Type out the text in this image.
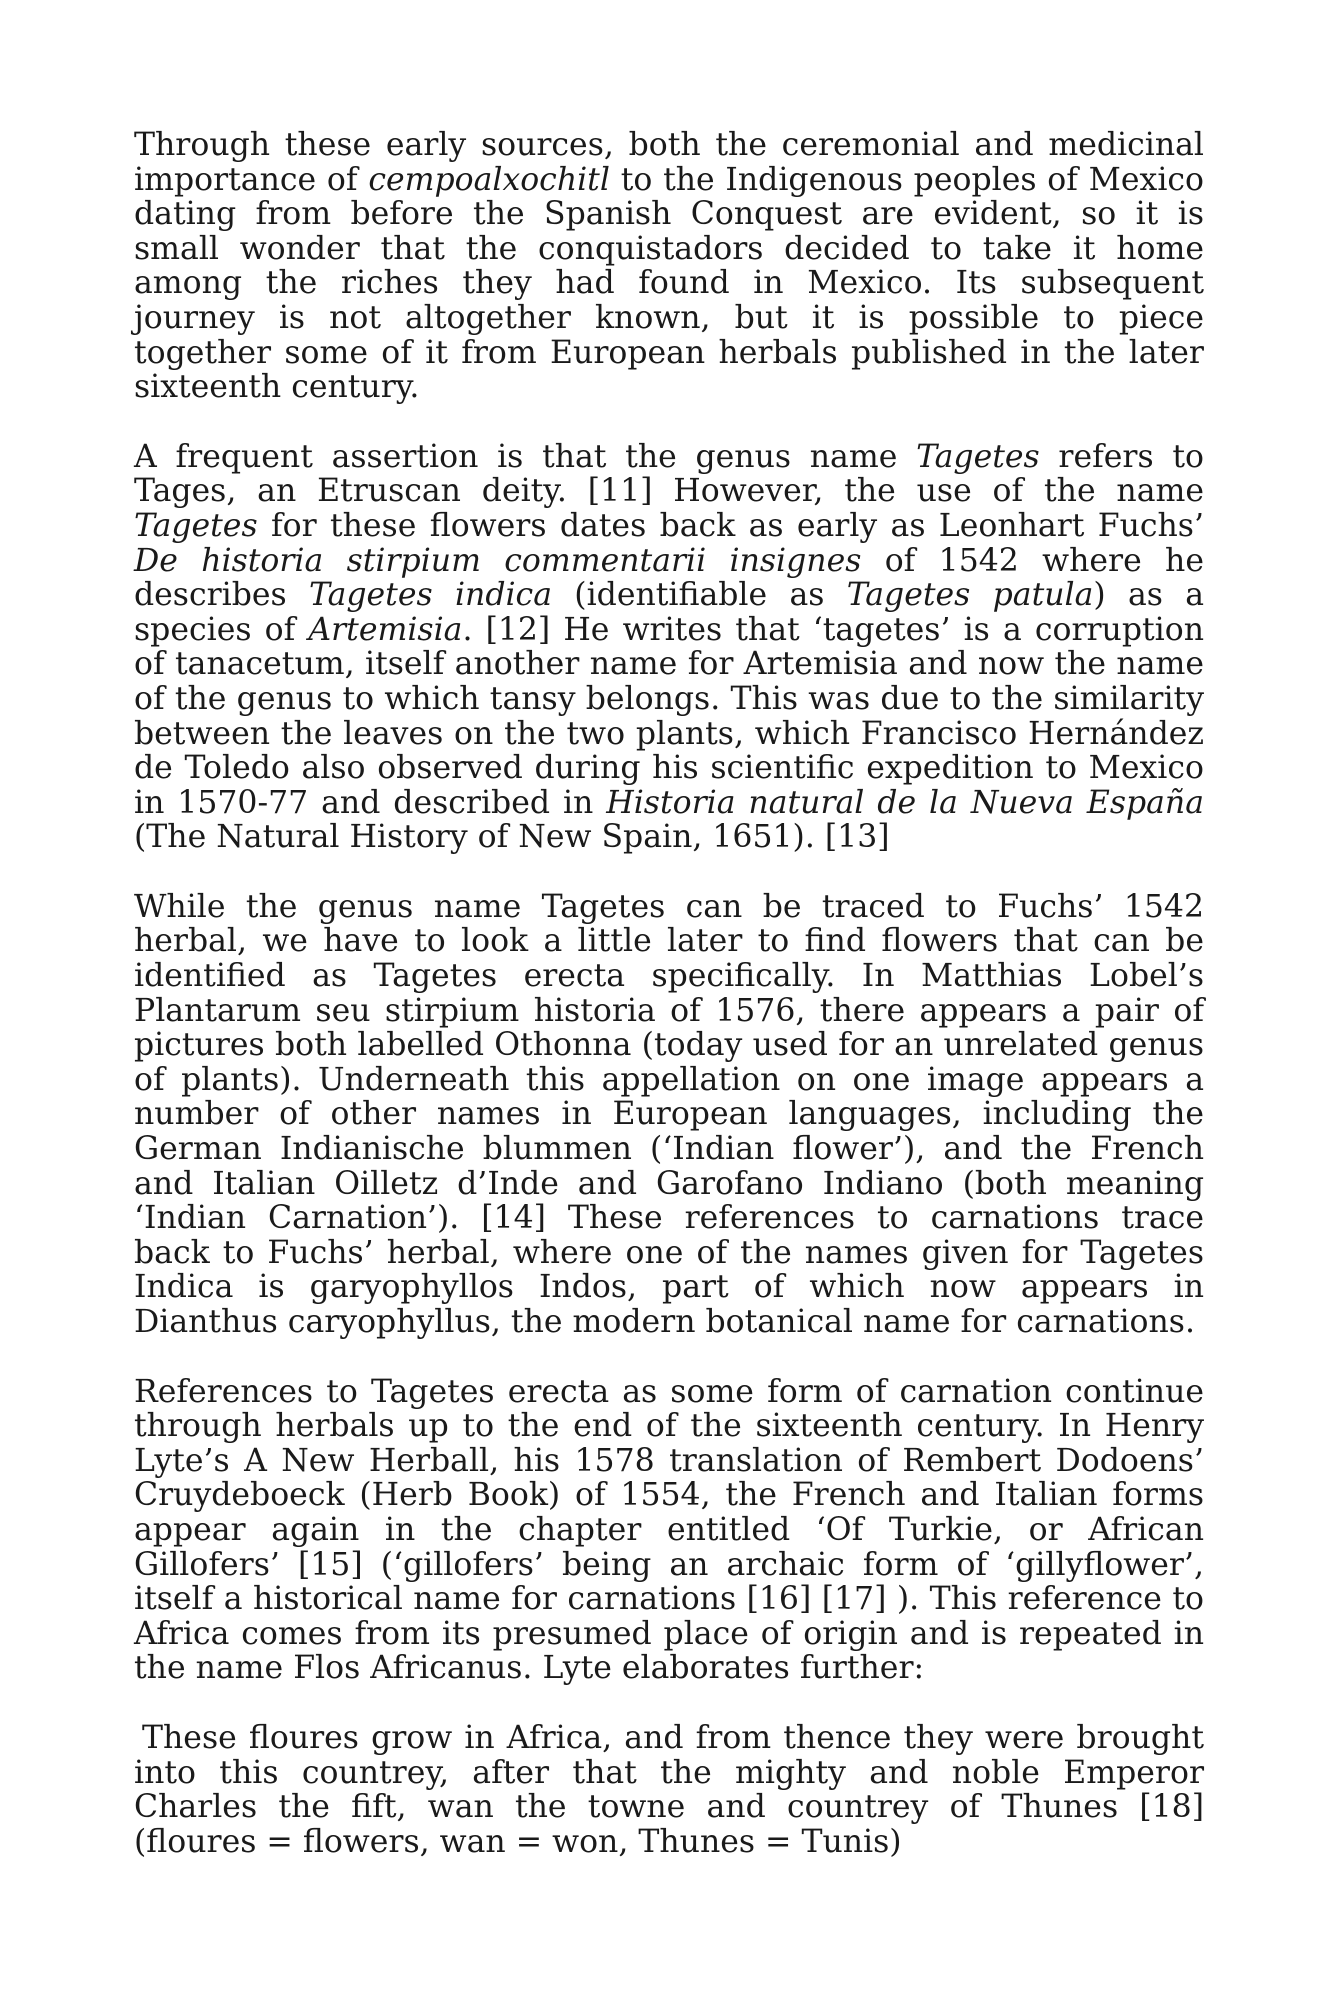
Through these early sources, both the ceremonial and medicinal importance of cempoalxochitl to the Indigenous peoples of Mexico dating from before the Spanish Conquest are evident, so it is small wonder that the conquistadors decided to take it home among the riches they had found in Mexico. Its subsequent journey is not altogether known, but it is possible to piece together some of it from European herbals published in the later sixteenth century.

A frequent assertion is that the genus name Tagetes refers to Tages, an Etruscan deity. [11] However, the use of the name Tagetes for these flowers dates back as early as Leonhart Fuchs’ De historia stirpium commentarii insignes of 1542 where he describes Tagetes indica (identifiable as Tagetes patula) as a species of Artemisia. [12] He writes that ‘tagetes’ is a corruption of tanacetum, itself another name for Artemisia and now the name of the genus to which tansy belongs. This was due to the similarity between the leaves on the two plants, which Francisco Hernández de Toledo also observed during his scientific expedition to Mexico in 1570-77 and described in Historia natural de la Nueva España (The Natural History of New Spain, 1651). [13]

While the genus name Tagetes can be traced to Fuchs’ 1542 herbal, we have to look a little later to find flowers that can be identified as Tagetes erecta specifically. In Matthias Lobel’s Plantarum seu stirpium historia of 1576, there appears a pair of pictures both labelled Othonna (today used for an unrelated genus of plants). Underneath this appellation on one image appears a number of other names in European languages, including the German Indianische blummen (‘Indian flower’), and the French and Italian Oilletz d’Inde and Garofano Indiano (both meaning ‘Indian Carnation’). [14] These references to carnations trace back to Fuchs’ herbal, where one of the names given for Tagetes Indica is garyophyllos Indos, part of which now appears in Dianthus caryophyllus, the modern botanical name for carnations.

References to Tagetes erecta as some form of carnation continue through herbals up to the end of the sixteenth century. In Henry Lyte’s A New Herball, his 1578 translation of Rembert Dodoens’ Cruydeboeck (Herb Book) of 1554, the French and Italian forms appear again in the chapter entitled ‘Of Turkie, or African Gillofers’ [15] (‘gillofers’ being an archaic form of ‘gillyflower’, itself a historical name for carnations [16] [17] ). This reference to Africa comes from its presumed place of origin and is repeated in the name Flos Africanus. Lyte elaborates further:

These floures grow in Africa, and from thence they were brought into this countrey, after that the mighty and noble Emperor Charles the fift, wan the towne and countrey of Thunes [18] (floures = flowers, wan = won, Thunes = Tunis)
